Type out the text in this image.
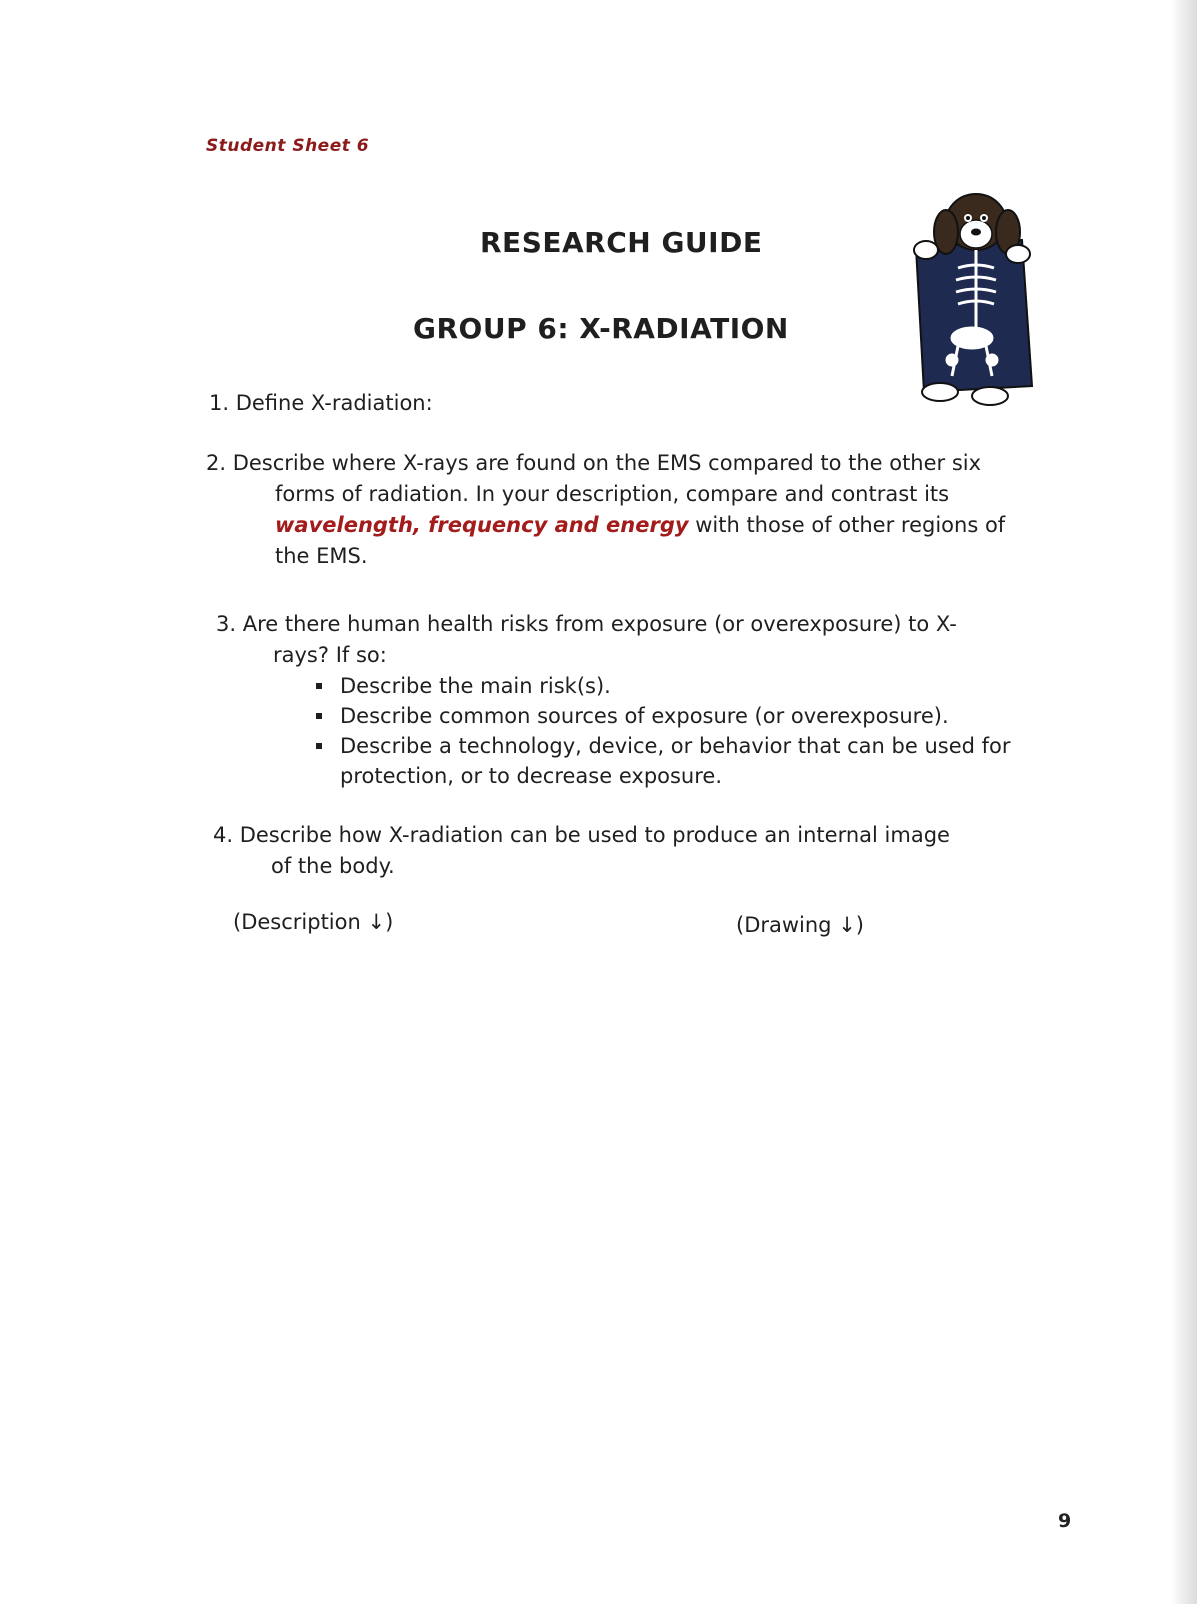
Student Sheet 6
RESEARCH GUIDE
GROUP 6: X-RADIATION
1. Define X-radiation:
2. Describe where X-rays are found on the EMS compared to the other six
forms of radiation. In your description, compare and contrast its
wavelength, frequency and energy with those of other regions of
the EMS.
3. Are there human health risks from exposure (or overexposure) to X-
rays? If so:
Describe the main risk(s).
Describe common sources of exposure (or overexposure).
Describe a technology, device, or behavior that can be used for
protection, or to decrease exposure.
4. Describe how X-radiation can be used to produce an internal image
of the body.
(Description ↓)	(Drawing ↓)
9
